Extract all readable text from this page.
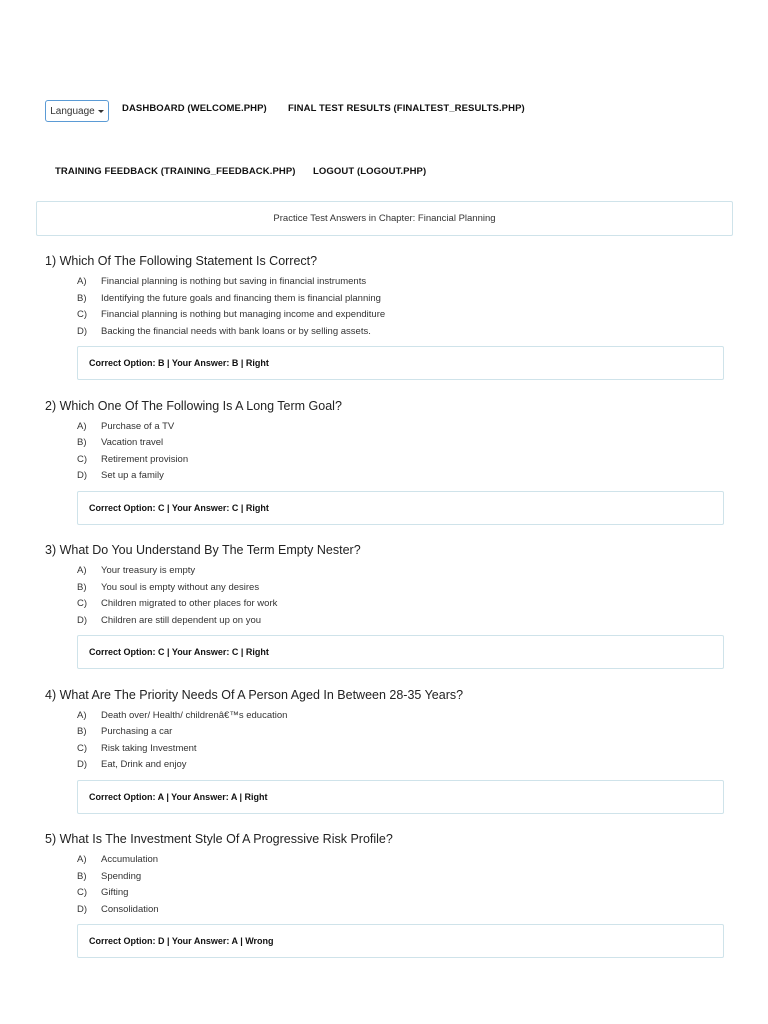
Language	DASHBOARD (WELCOME.PHP) FINAL TEST RESULTS (FINALTEST_RESULTS.PHP)
TRAINING FEEDBACK (TRAINING_FEEDBACK.PHP) LOGOUT (LOGOUT.PHP)
Practice Test Answers in Chapter: Financial Planning
1) Which Of The Following Statement Is Correct?
A) Financial planning is nothing but saving in financial instruments
B) Identifying the future goals and financing them is financial planning
C) Financial planning is nothing but managing income and expenditure
D) Backing the financial needs with bank loans or by selling assets.
Correct Option: B | Your Answer: B | Right
2) Which One Of The Following Is A Long Term Goal?
A) Purchase of a TV
B) Vacation travel
C) Retirement provision
D) Set up a family
Correct Option: C | Your Answer: C | Right
3) What Do You Understand By The Term Empty Nester?
A) Your treasury is empty
B) You soul is empty without any desires
C) Children migrated to other places for work
D) Children are still dependent up on you
Correct Option: C | Your Answer: C | Right
4) What Are The Priority Needs Of A Person Aged In Between 28-35 Years?
A) Death over/ Health/ childrenâ€™s education
B) Purchasing a car
C) Risk taking Investment
D) Eat, Drink and enjoy
Correct Option: A | Your Answer: A | Right
5) What Is The Investment Style Of A Progressive Risk Profile?
A) Accumulation
B) Spending
C) Gifting
D) Consolidation
Correct Option: D | Your Answer: A | Wrong
